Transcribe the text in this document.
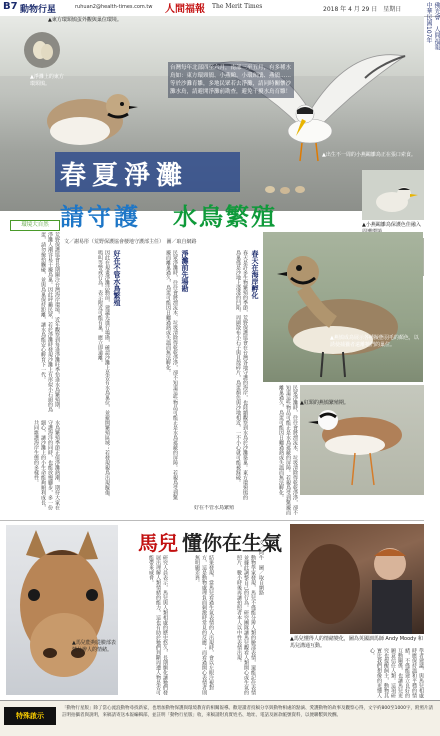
B7 動物行星	ruhuan2@health-times.com.tw 人間福報 The Merit Times	2018 年 4 月 29 日　星期日	佛光會　人間福報
中華民國107年
▲東方環頸鴴蛋外觀與巢位環境。
▲淨灘上的東方環頸鴴。
台灣每年北部四至六月，南部三至五月，有多種水鳥如：東方環頸鴴、小燕鷗、小環頸鴴、燕鴴……等於沙灘育雛，多地民眾若去淨灘，請同時關懷沙灘水鳥，請避開淨灘前勘查，避免干擾水鳥育雛！
▲出生不一周的小燕鷗雛鳥正在張口索食。
春夏淨灘
請守護 水鳥繁殖	▲小燕鷗雛鳥保護色佳融入
文／謝易彤（荒野保護協會棲地守護部主任）　圖／取自網路
環境大自然
荒野保護協會長期關注台灣海岸環境，近年觀察到每逢淨灘旺季恰逢水鳥繁殖期，淨灘人潮容易干擾鳥巢。因此呼籲民眾，若於淨灘時發現沙灘上有形似小石頭的鳥蛋，請勿撿拾觸碰，並與鳥巢保持距離，讓水鳥能安心孵育下一代。	春天在海岸孵化
春天是許多生物繁殖的季節，荒野保護協會在台灣各地守護的海岸，也陸續觀察到水鳥於沙灘築巢。東方環頸鴴的鳥巢僅是沙地上淺淺的凹陷，周圍散布小石子與貝殼碎片，鳥蛋顏色與沙地相近，一不小心就可能被踩破。
淨灘前先場勘
民眾淨灘時，往往會將漂流木、垃圾清除得乾乾淨淨，卻不知道這些物品可能正是水鳥遮蔽的屏障。若親鳥受到驚擾而離巢過久，鳥蛋可能因日曬過熱或失溫而無法孵化。
好在不管水鳥繁殖
因此在規畫淨灘活動前，建議先進行場勘，確認沙灘上是否有水鳥巢位，並避開繁殖區域；若發現親鳥出現擬傷、鳴叫等警戒行為，表示附近可能有巢，應立即遠離。
水鳥繁殖季節正值淨灘熱潮，期待大家在守護海洋的同時，也能放慢腳步，多一份細心，讓沙灘上的小生命能夠順利成長，共同維護海岸生態的多樣性。
▲燕鴴成鳥展示各種擬態羽毛的顏色，以誘使捕獵者遠離牠們的巢位。
▲紅頸的燕鴴繁殖期。
民眾淨灘時，往往會將漂流木、垃圾清除得乾乾淨淨，卻不知道這些物品可能正是水鳥遮蔽的屏障。若親鳥受到驚擾而離巢過久，鳥蛋可能因日曬過熱或失溫而無法孵化。
好在不管水鳥繁殖
▲馬兒能夠從臉部表情分辨人的情緒。
馬兒 懂你在生氣
文／阿牛　圖／取自網路
動物學家發現，馬兒不僅能分辨人類的臉部表情，還能記住表情並據此調整自己的行為。研究團隊讓馬兒觀看人類開心或生氣的照片，數小時後再讓拍照者本人以中性表情出現。
結果發現，當馬兒看過生氣表情的人出現時，會以左眼注視對方，這是動物處理負面刺激時常見的反應；而看過開心表情者則無明顯差異。
研究人員表示，馬兒與人類相處的歷史悠久，長期馴化讓牠們發展出理解人類情緒的能力，這也有助於牠們判斷周遭人物是否可能帶來威脅。
▲馬兒懂得人的情緒變化，圖為英國訓馬師 Andy Moody 和馬兒溝通互動。
學者建議，與馬兒相處時應保持溫和平穩的情緒，不僅能建立良好的互動關係，也讓馬兒更願意信任人類。這項研究也提醒飼主，動物其實比我們想像的更懂人心。
特殊啟示
「動物行星版」除了當心流浪動物尋找新家，也增加動物保護與環境教育的相關報導。歡迎讀者投稿分享與動物相處的點滴、愛護動物的故事及觀察心得，文字約800至1000字，附照片請註明拍攝者與說明，來稿請寄送本報編輯部，並註明「動物行星版」收，來稿請附真實姓名、地址、電話及匯款帳號資料，以便聯繫與致酬。
